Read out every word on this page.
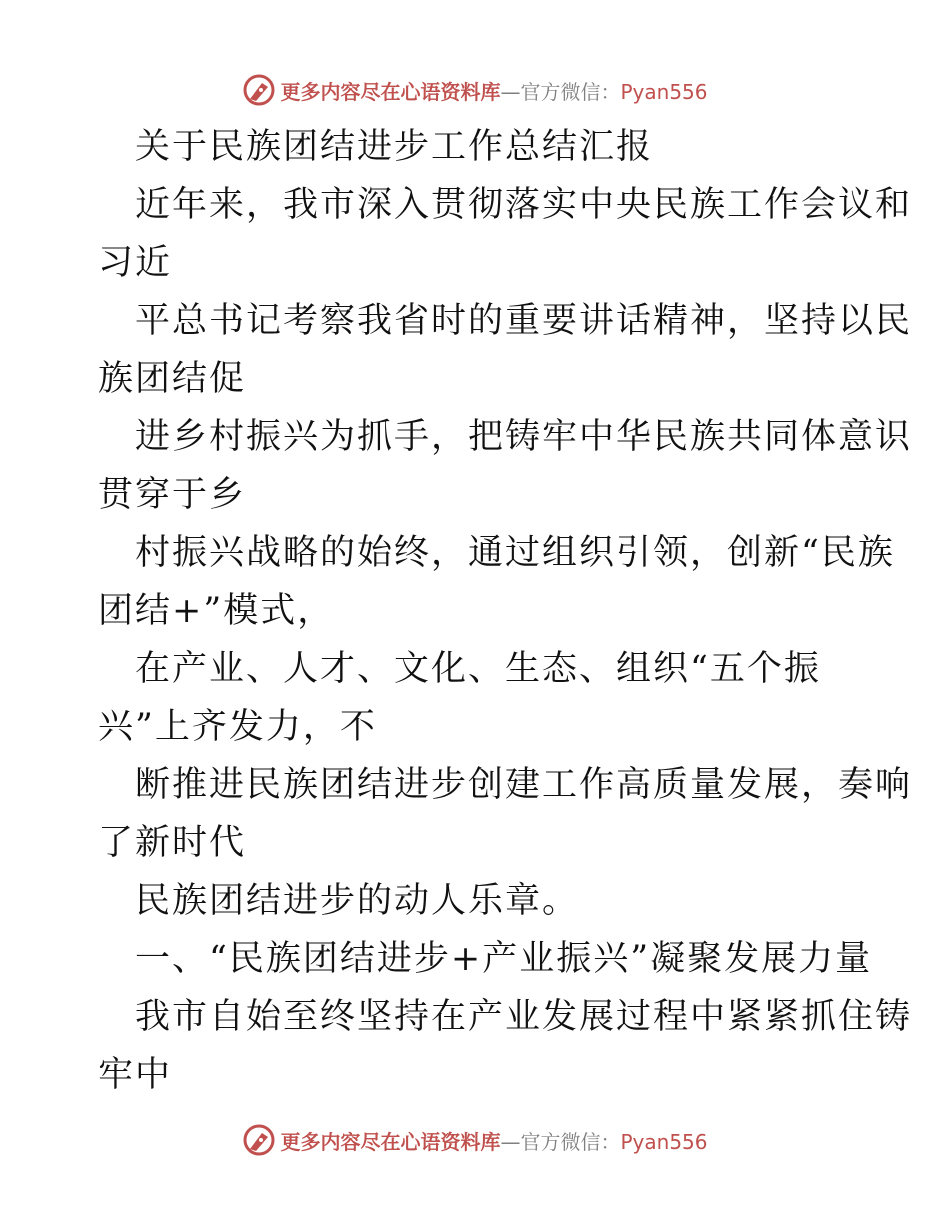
更多内容尽在心语资料库—官方微信：Pyan556
关于民族团结进步工作总结汇报
近年来，我市深入贯彻落实中央民族工作会议和
习近
平总书记考察我省时的重要讲话精神，坚持以民
族团结促
进乡村振兴为抓手，把铸牢中华民族共同体意识
贯穿于乡
村振兴战略的始终，通过组织引领，创新“民族
团结+”模式，
在产业、人才、文化、生态、组织“五个振
兴”上齐发力，不
断推进民族团结进步创建工作高质量发展，奏响
了新时代
民族团结进步的动人乐章。
一、“民族团结进步+产业振兴”凝聚发展力量
我市自始至终坚持在产业发展过程中紧紧抓住铸
牢中
更多内容尽在心语资料库—官方微信：Pyan556
